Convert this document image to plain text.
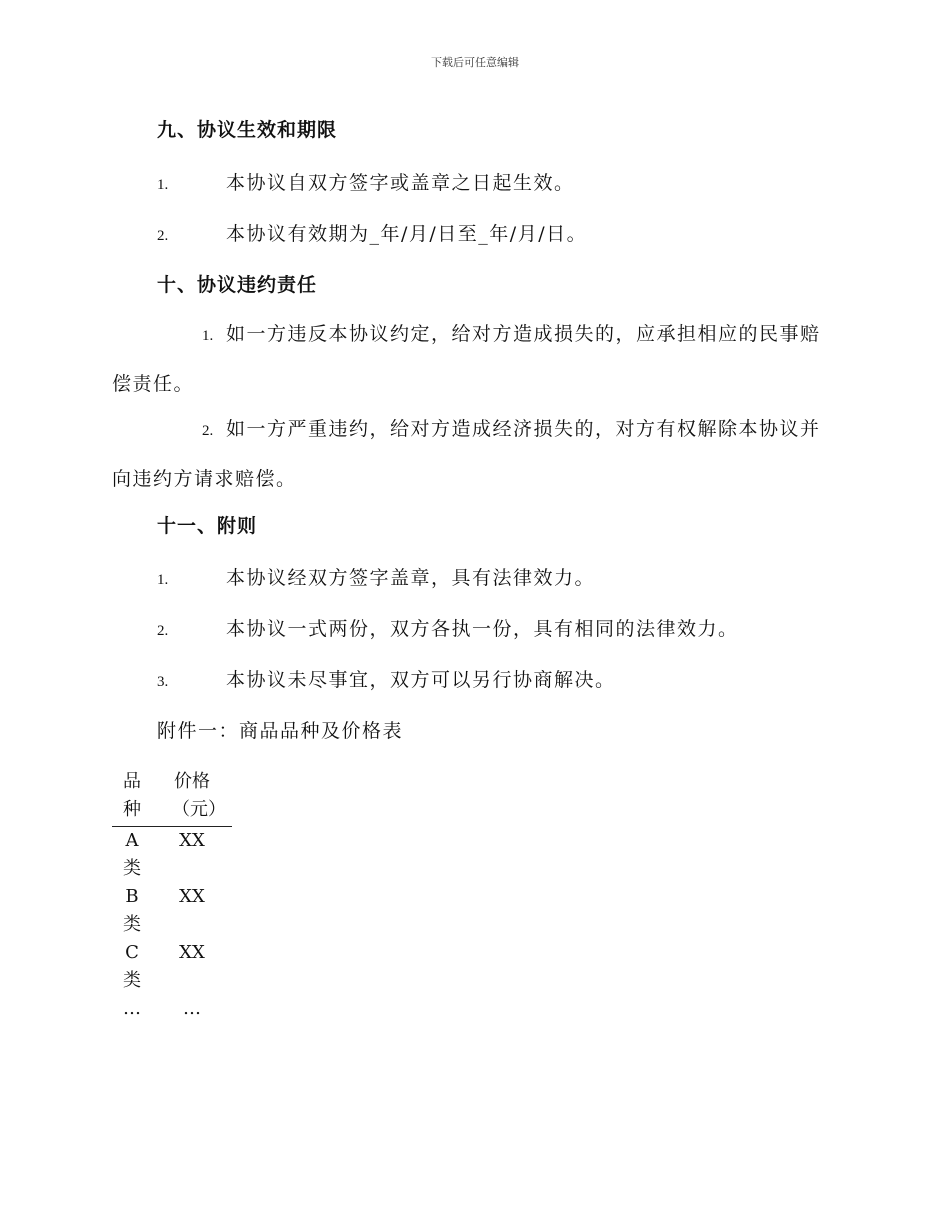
下载后可任意编辑
九、协议生效和期限
1.	本协议自双方签字或盖章之日起生效。
2.	本协议有效期为_年/月/日至_年/月/日。
十、协议违约责任
1. 如一方违反本协议约定，给对方造成损失的，应承担相应的民事赔偿责任。
2. 如一方严重违约，给对方造成经济损失的，对方有权解除本协议并向违约方请求赔偿。
十一、附则
1.	本协议经双方签字盖章，具有法律效力。
2.	本协议一式两份，双方各执一份，具有相同的法律效力。
3.	本协议未尽事宜，双方可以另行协商解决。
附件一：商品品种及价格表
品种	价格（元）

A类	XX

B类	XX

C类	XX
…	…
